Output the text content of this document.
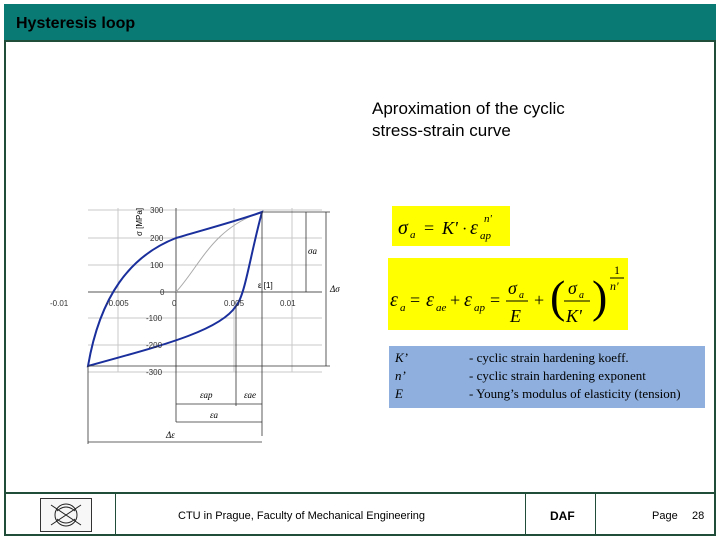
Hysteresis loop
Aproximation of the cyclic
stress-strain curve
300
200
100
0
-100
-200
-300
-0.01	-0.005	0	0.005	0.01
σ [MPa]
ε [1]
σa
Δσ
εap	εae
εa
Δε
σ a = K' · ε ap
n'
ε a = ε ae + ε ap =
σ a
E
+ ( σ a
K' )
1
n'
K’	- cyclic strain hardening koeff.
n’	- cyclic strain hardening exponent
E	- Young’s modulus of elasticity (tension)
CTU in Prague, Faculty of Mechanical Engineering	DAF	Page 28
